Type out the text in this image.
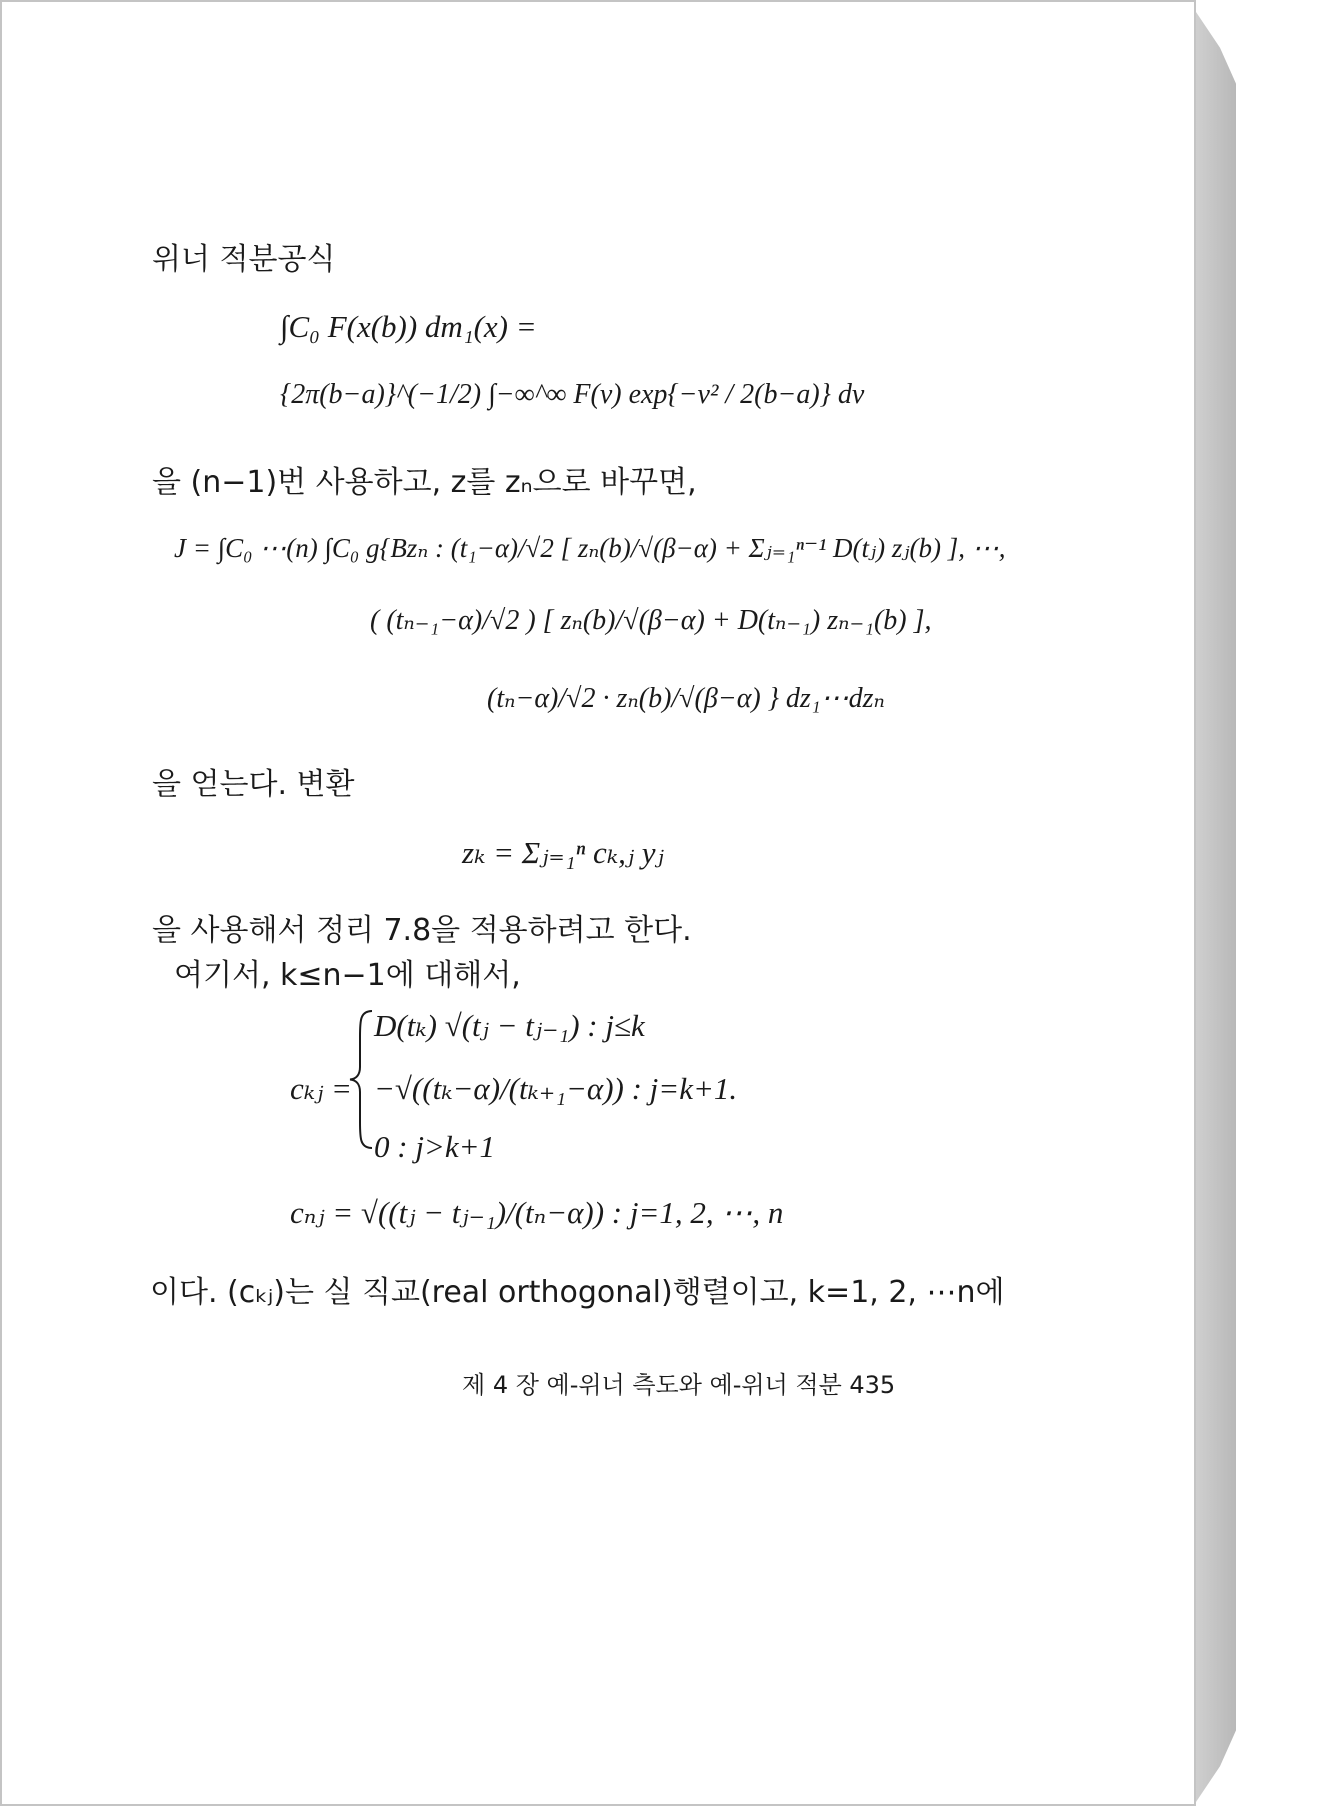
위너 적분공식
∫C₀ F(x(b)) dm₁(x) =
{2π(b−a)}^(−1/2) ∫−∞^∞ F(v) exp{−v² / 2(b−a)} dv
을 (n−1)번 사용하고, z를 zₙ으로 바꾸면,
J = ∫C₀ ⋯(n) ∫C₀ g{Bzₙ : (t₁−α)/√2 [ zₙ(b)/√(β−α) + Σⱼ₌₁ⁿ⁻¹ D(tⱼ) zⱼ(b) ], ⋯,
( (tₙ₋₁−α)/√2 ) [ zₙ(b)/√(β−α) + D(tₙ₋₁) zₙ₋₁(b) ],
(tₙ−α)/√2 · zₙ(b)/√(β−α) } dz₁⋯dzₙ
을 얻는다. 변환
zₖ = Σⱼ₌₁ⁿ cₖ,ⱼ yⱼ
을 사용해서 정리 7.8을 적용하려고 한다.
여기서, k≤n−1에 대해서,
cₖⱼ =
D(tₖ) √(tⱼ − tⱼ₋₁) : j≤k
−√((tₖ−α)/(tₖ₊₁−α)) : j=k+1.
0 : j>k+1
cₙⱼ = √((tⱼ − tⱼ₋₁)/(tₙ−α)) : j=1, 2, ⋯, n
이다. (cₖⱼ)는 실 직교(real orthogonal)행렬이고, k=1, 2, ⋯n에
제 4 장 예-위너 측도와 예-위너 적분 435
